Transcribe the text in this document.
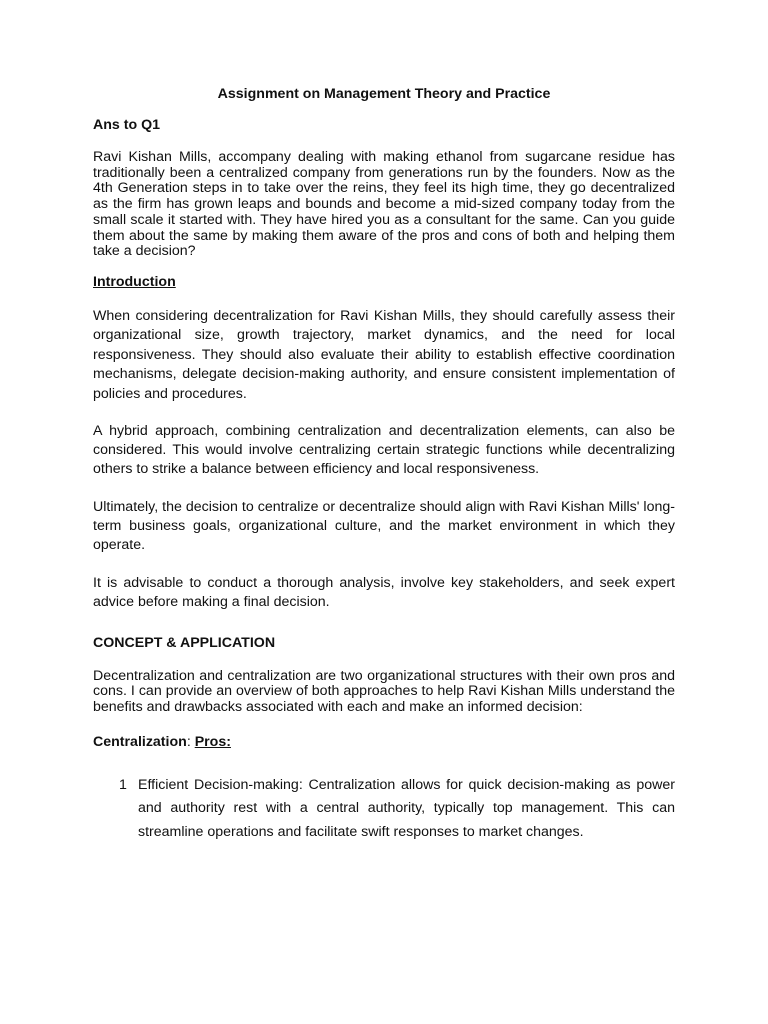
Assignment on Management Theory and Practice
Ans to Q1

Ravi Kishan Mills, accompany dealing with making ethanol from sugarcane residue has traditionally been a centralized company from generations run by the founders. Now as the 4th Generation steps in to take over the reins, they feel its high time, they go decentralized as the firm has grown leaps and bounds and become a mid-sized company today from the small scale it started with. They have hired you as a consultant for the same. Can you guide them about the same by making them aware of the pros and cons of both and helping them take a decision?

Introduction

When considering decentralization for Ravi Kishan Mills, they should carefully assess their organizational size, growth trajectory, market dynamics, and the need for local responsiveness. They should also evaluate their ability to establish effective coordination mechanisms, delegate decision-making authority, and ensure consistent implementation of policies and procedures.

A hybrid approach, combining centralization and decentralization elements, can also be considered. This would involve centralizing certain strategic functions while decentralizing others to strike a balance between efficiency and local responsiveness.

Ultimately, the decision to centralize or decentralize should align with Ravi Kishan Mills' long-term business goals, organizational culture, and the market environment in which they operate.

It is advisable to conduct a thorough analysis, involve key stakeholders, and seek expert advice before making a final decision.

CONCEPT & APPLICATION

Decentralization and centralization are two organizational structures with their own pros and cons. I can provide an overview of both approaches to help Ravi Kishan Mills understand the benefits and drawbacks associated with each and make an informed decision:

Centralization: Pros:
1 Efficient Decision-making: Centralization allows for quick decision-making as power and authority rest with a central authority, typically top management. This can streamline operations and facilitate swift responses to market changes.
